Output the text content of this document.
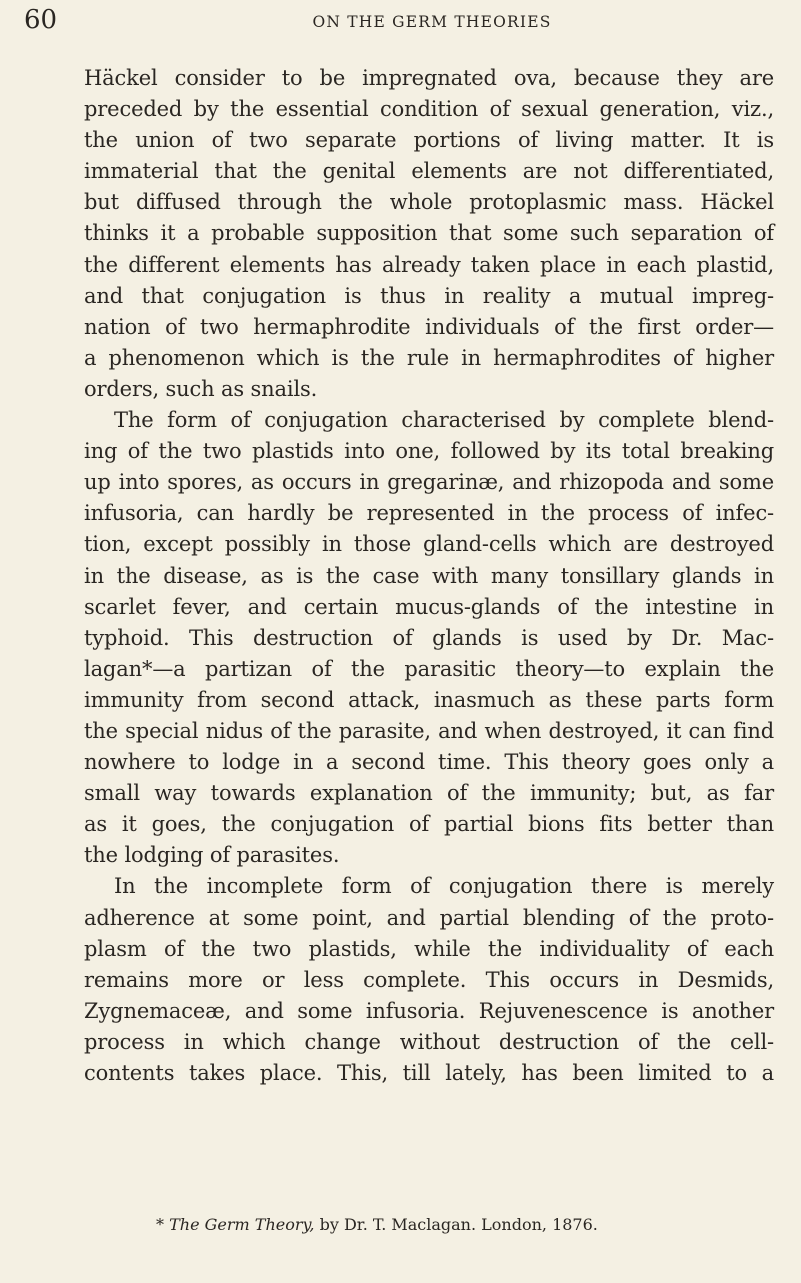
60	ON THE GERM THEORIES
Häckel consider to be impregnated ova, because they are
preceded by the essential condition of sexual generation, viz.,
the union of two separate portions of living matter. It is
immaterial that the genital elements are not differentiated,
but diffused through the whole protoplasmic mass. Häckel
thinks it a probable supposition that some such separation of
the different elements has already taken place in each plastid,
and that conjugation is thus in reality a mutual impreg-
nation of two hermaphrodite individuals of the first order—
a phenomenon which is the rule in hermaphrodites of higher
orders, such as snails.
The form of conjugation characterised by complete blend-
ing of the two plastids into one, followed by its total breaking
up into spores, as occurs in gregarinæ, and rhizopoda and some
infusoria, can hardly be represented in the process of infec-
tion, except possibly in those gland-cells which are destroyed
in the disease, as is the case with many tonsillary glands in
scarlet fever, and certain mucus-glands of the intestine in
typhoid. This destruction of glands is used by Dr. Mac-
lagan*—a partizan of the parasitic theory—to explain the
immunity from second attack, inasmuch as these parts form
the special nidus of the parasite, and when destroyed, it can find
nowhere to lodge in a second time. This theory goes only a
small way towards explanation of the immunity; but, as far
as it goes, the conjugation of partial bions fits better than
the lodging of parasites.
In the incomplete form of conjugation there is merely
adherence at some point, and partial blending of the proto-
plasm of the two plastids, while the individuality of each
remains more or less complete. This occurs in Desmids,
Zygnemaceæ, and some infusoria. Rejuvenescence is another
process in which change without destruction of the cell-
contents takes place. This, till lately, has been limited to a
* The Germ Theory, by Dr. T. Maclagan. London, 1876.
